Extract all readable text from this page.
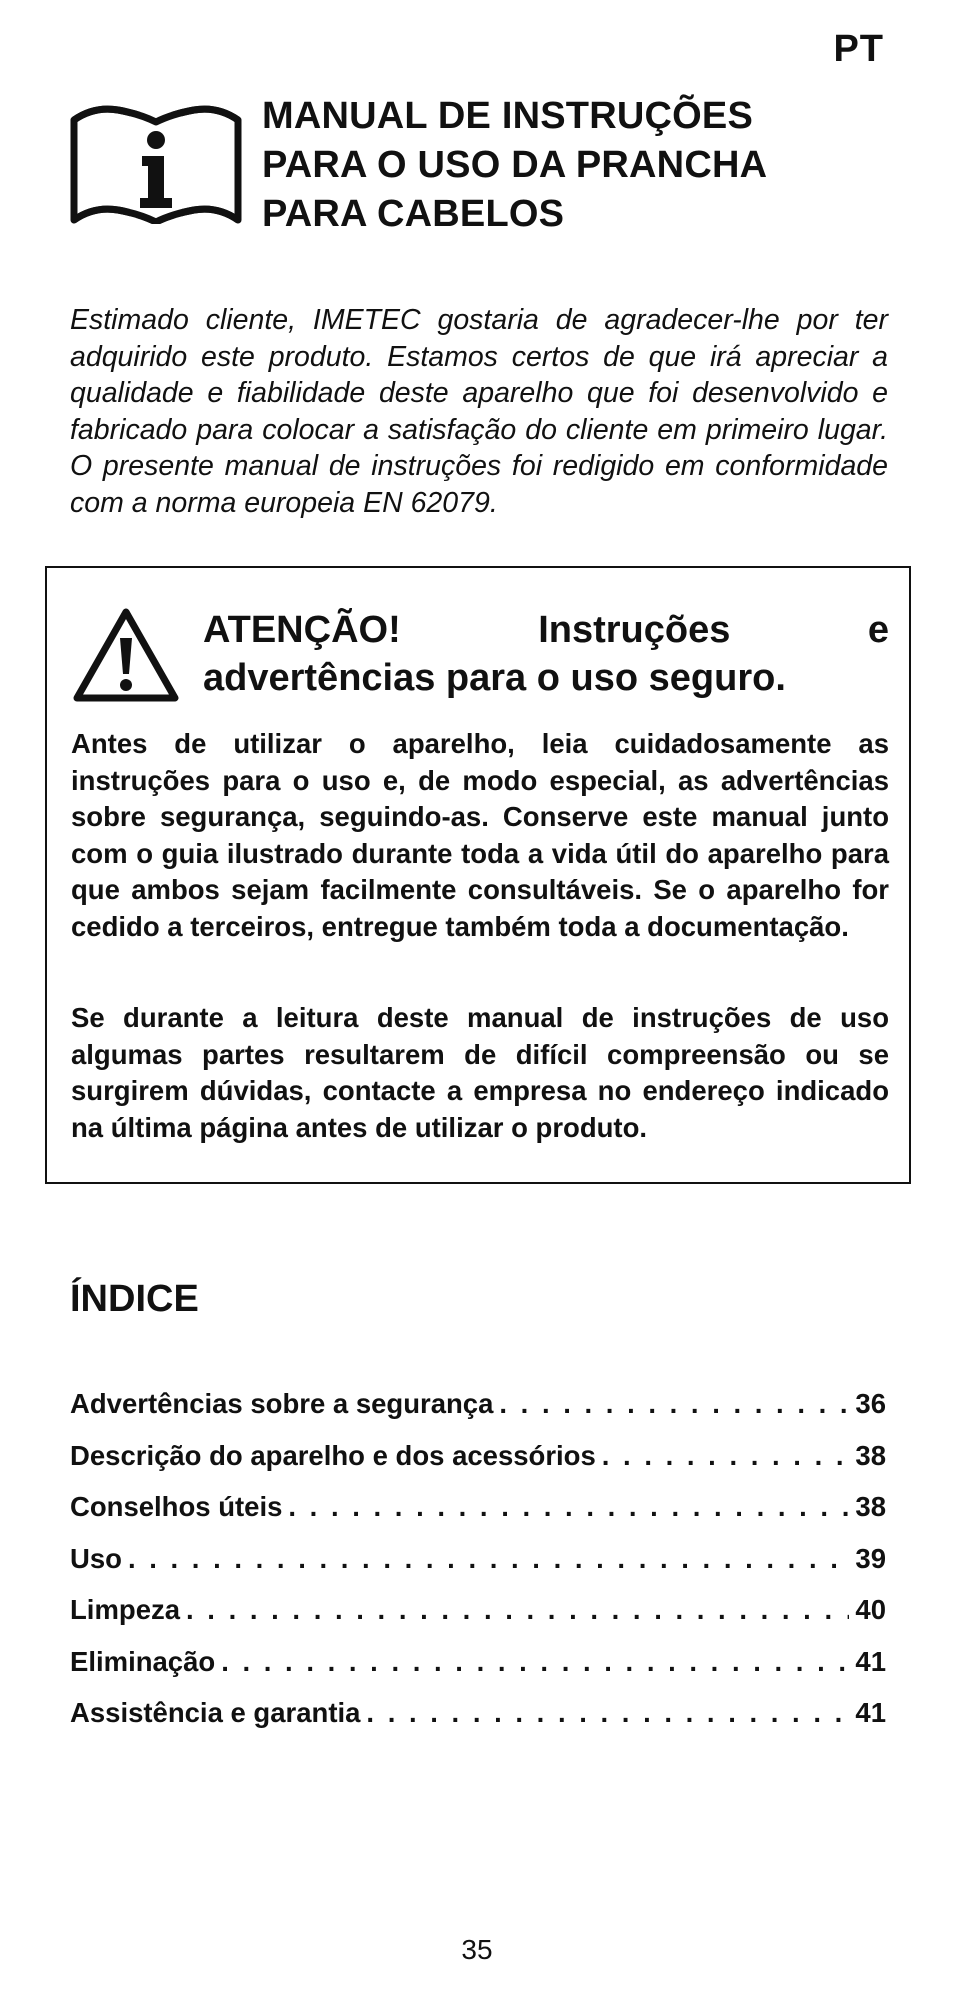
PT
MANUAL DE INSTRUÇÕES
PARA O USO DA PRANCHA
PARA CABELOS

Estimado cliente, IMETEC gostaria de agradecer-lhe por ter adquirido este produto. Estamos certos de que irá apreciar a qualidade e fiabilidade deste aparelho que foi desenvolvido e fabricado para colocar a satisfação do cliente em primeiro lugar. O presente manual de instruções foi redigido em conformidade com a norma europeia EN 62079.

ATENÇÃO! Instruções e
advertências para o uso seguro.

Antes de utilizar o aparelho, leia cuidadosamente as instruções para o uso e, de modo especial, as advertências sobre segurança, seguindo-as. Conserve este manual junto com o guia ilustrado durante toda a vida útil do aparelho para que ambos sejam facilmente consultáveis. Se o aparelho for cedido a terceiros, entregue também toda a documentação.

Se durante a leitura deste manual de instruções de uso algumas partes resultarem de difícil compreensão ou se surgirem dúvidas, contacte a empresa no endereço indicado na última página antes de utilizar o produto.

ÍNDICE
Advertências sobre a segurança . . .	36
Descrição do aparelho e dos acessórios . . .	38
Conselhos úteis . . .	38
Uso . . .	39
Limpeza . . .	40
Eliminação . . .	41
Assistência e garantia . . .	41
35
